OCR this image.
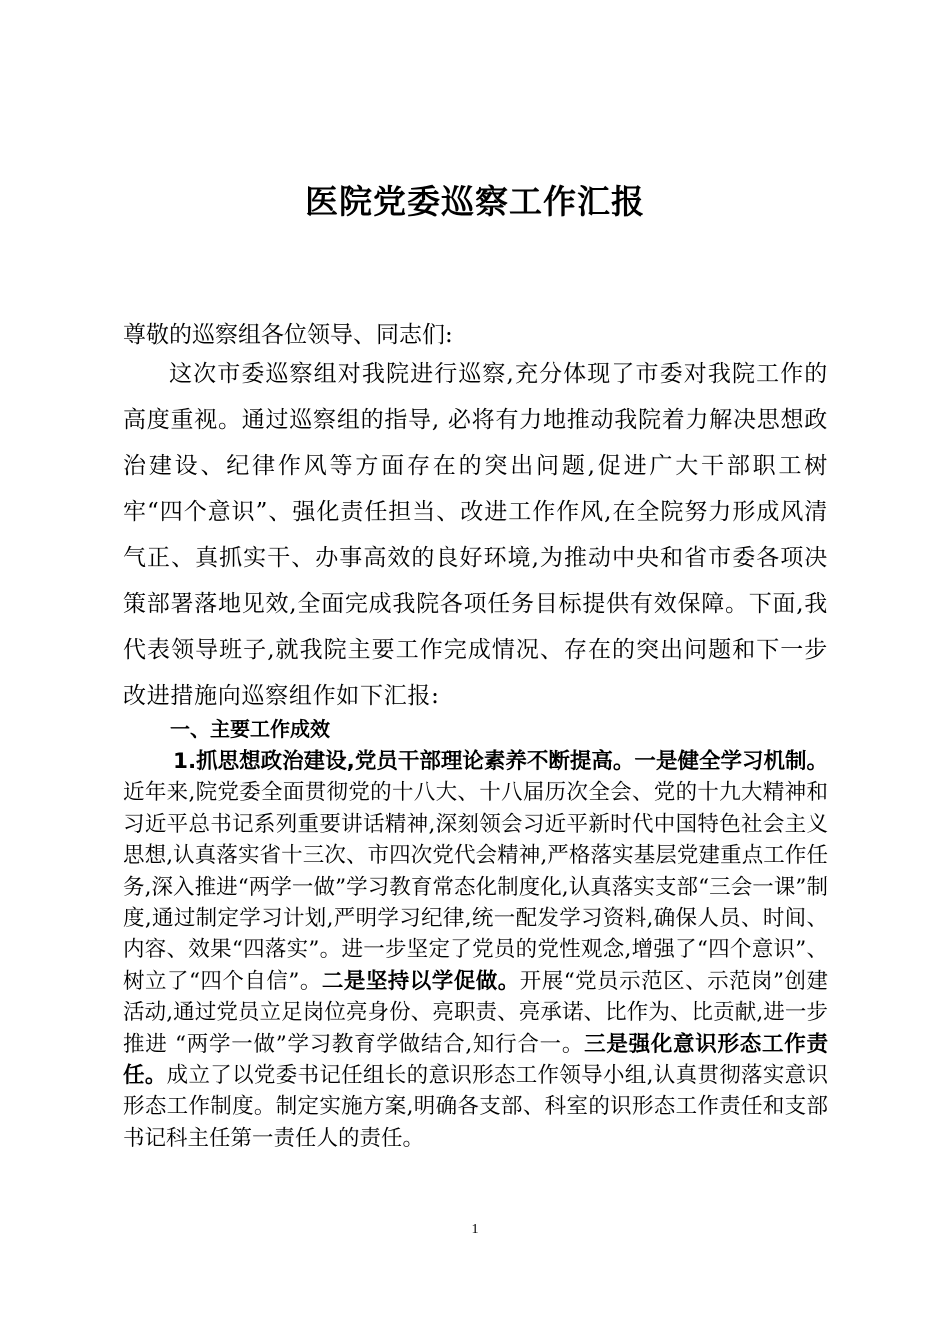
医院党委巡察工作汇报
尊敬的巡察组各位领导、同志们:
这次市委巡察组对我院进行巡察,充分体现了市委对我院工作的高度重视。通过巡察组的指导, 必将有力地推动我院着力解决思想政治建设、纪律作风等方面存在的突出问题,促进广大干部职工树牢“四个意识”、强化责任担当、改进工作作风,在全院努力形成风清气正、真抓实干、办事高效的良好环境,为推动中央和省市委各项决策部署落地见效,全面完成我院各项任务目标提供有效保障。下面,我代表领导班子,就我院主要工作完成情况、存在的突出问题和下一步改进措施向巡察组作如下汇报:
一、主要工作成效
1.抓思想政治建设,党员干部理论素养不断提高。一是健全学习机制。近年来,院党委全面贯彻党的十八大、十八届历次全会、党的十九大精神和习近平总书记系列重要讲话精神,深刻领会习近平新时代中国特色社会主义思想,认真落实省十三次、市四次党代会精神,严格落实基层党建重点工作任务,深入推进“两学一做”学习教育常态化制度化,认真落实支部“三会一课”制度,通过制定学习计划,严明学习纪律,统一配发学习资料,确保人员、时间、内容、效果“四落实”。进一步坚定了党员的党性观念,增强了“四个意识”、树立了“四个自信”。二是坚持以学促做。开展“党员示范区、示范岗”创建活动,通过党员立足岗位亮身份、亮职责、亮承诺、比作为、比贡献,进一步推进 “两学一做”学习教育学做结合,知行合一。三是强化意识形态工作责任。成立了以党委书记任组长的意识形态工作领导小组,认真贯彻落实意识形态工作制度。制定实施方案,明确各支部、科室的识形态工作责任和支部书记科主任第一责任人的责任。
1
